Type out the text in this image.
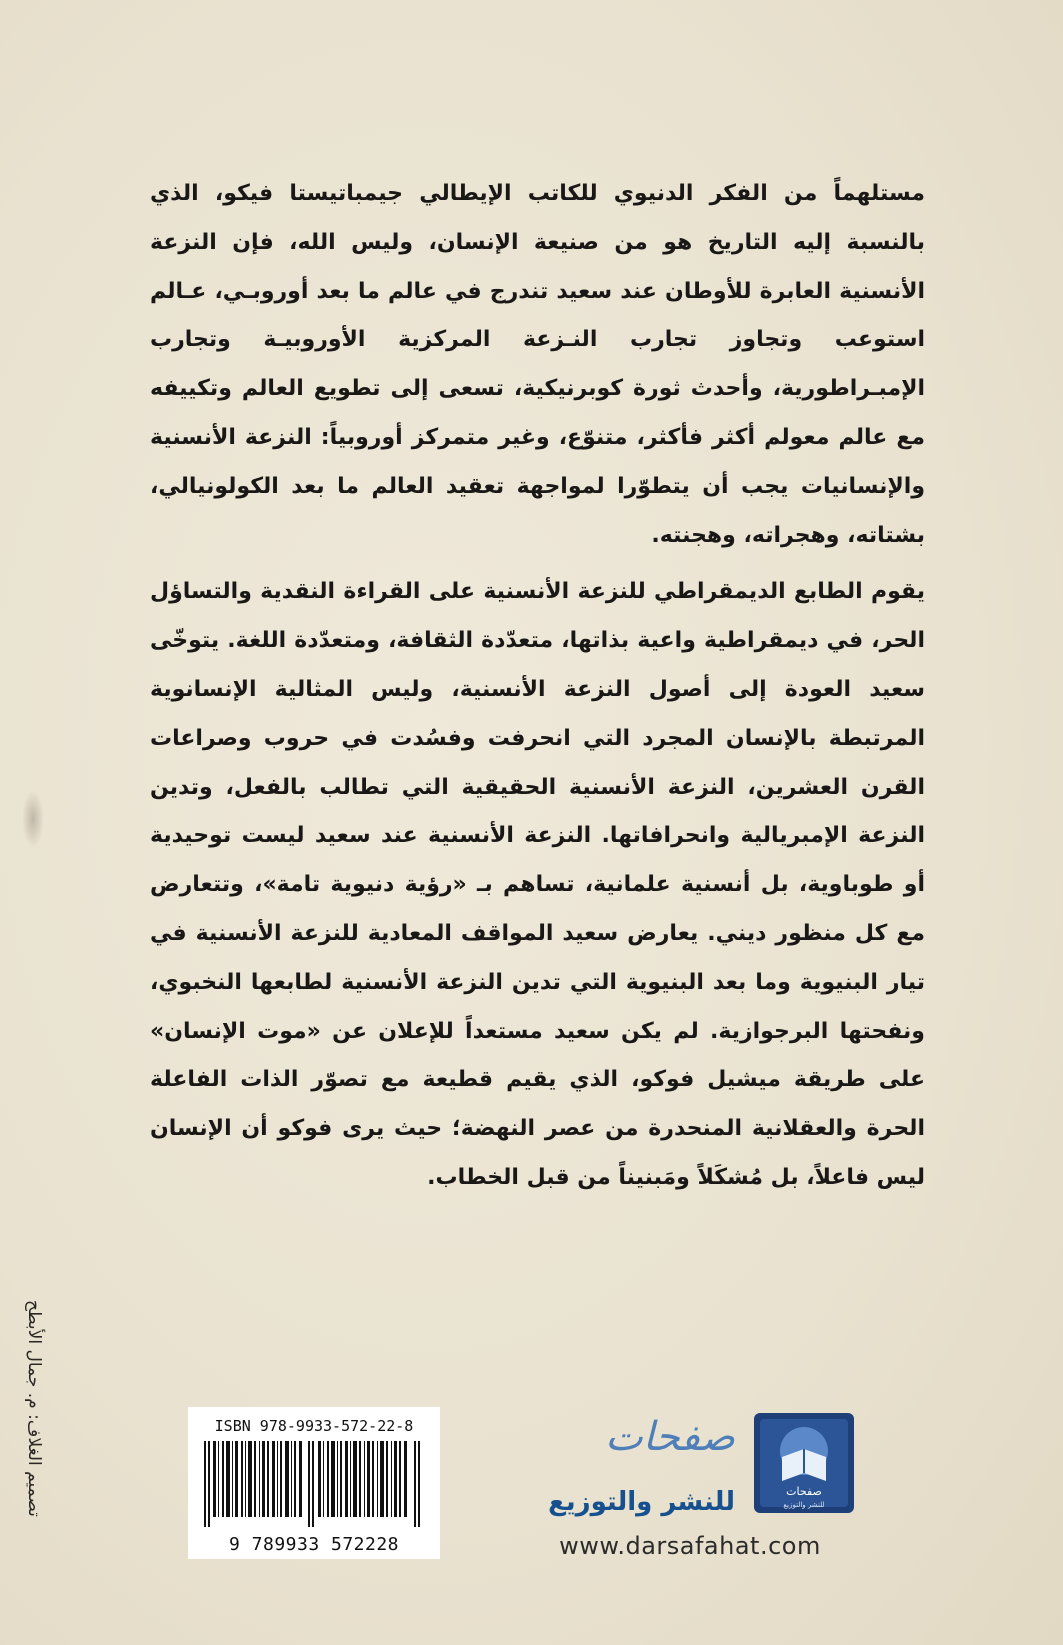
مستلهماً من الفكر الدنيوي للكاتب الإيطالي جيمباتيستا فيكو، الذي بالنسبة إليه التاريخ هو من صنيعة الإنسان، وليس الله، فإن النزعة الأنسنية العابرة للأوطان عند سعيد تندرج في عالم ما بعد أوروبـي، عـالم استوعب وتجاوز تجارب النـزعة المركزية الأوروبيـة وتجارب الإمبـراطورية، وأحدث ثورة كوبرنيكية، تسعى إلى تطويع العالم وتكييفه مع عالم معولم أكثر فأكثر، متنوّع، وغير متمركز أوروبياً: النزعة الأنسنية والإنسانيات يجب أن يتطوّرا لمواجهة تعقيد العالم ما بعد الكولونيالي، بشتاته، وهجراته، وهجنته.

يقوم الطابع الديمقراطي للنزعة الأنسنية على القراءة النقدية والتساؤل الحر، في ديمقراطية واعية بذاتها، متعدّدة الثقافة، ومتعدّدة اللغة. يتوخّى سعيد العودة إلى أصول النزعة الأنسنية، وليس المثالية الإنسانوية المرتبطة بالإنسان المجرد التي انحرفت وفسُدت في حروب وصراعات القرن العشرين، النزعة الأنسنية الحقيقية التي تطالب بالفعل، وتدين النزعة الإمبريالية وانحرافاتها. النزعة الأنسنية عند سعيد ليست توحيدية أو طوباوية، بل أنسنية علمانية، تساهم بـ «رؤية دنيوية تامة»، وتتعارض مع كل منظور ديني. يعارض سعيد المواقف المعادية للنزعة الأنسنية في تيار البنيوية وما بعد البنيوية التي تدين النزعة الأنسنية لطابعها النخبوي، ونفحتها البرجوازية. لم يكن سعيد مستعداً للإعلان عن «موت الإنسان» على طريقة ميشيل فوكو، الذي يقيم قطيعة مع تصوّر الذات الفاعلة الحرة والعقلانية المنحدرة من عصر النهضة؛ حيث يرى فوكو أن الإنسان ليس فاعلاً، بل مُشكَلاً ومَبنيناً من قبل الخطاب.

تصميم الغلاف: م. جمال الأبطح	ISBN 978-9933-572-22-8
9 789933 572228
صفحات
للنشر والتوزيع
صفحات
للنشر والتوزيع
www.darsafahat.com
